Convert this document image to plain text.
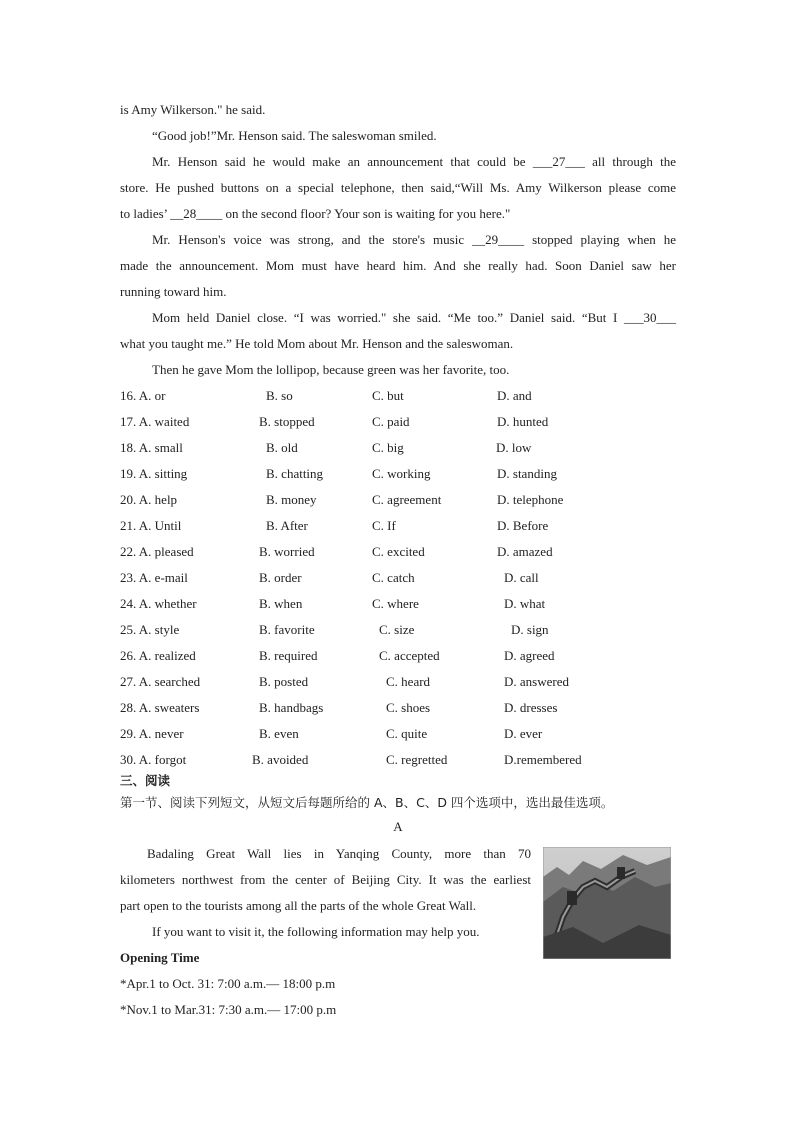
is Amy Wilkerson." he said.
“Good job!”Mr. Henson said. The saleswoman smiled.
Mr. Henson said he would make an announcement that could be ___27___ all through the
store. He pushed buttons on a special telephone, then said,“Will Ms. Amy Wilkerson please come
to ladies’ __28____ on the second floor? Your son is waiting for you here."
Mr. Henson's voice was strong, and the store's music __29____ stopped playing when he
made the announcement. Mom must have heard him. And she really had. Soon Daniel saw her
running toward him.
Mom held Daniel close. “I was worried." she said. “Me too.” Daniel said. “But I ___30___
what you taught me.” He told Mom about Mr. Henson and the saleswoman.
Then he gave Mom the lollipop, because green was her favorite, too.
16. A. or	B. so	C. but	D. and
17. A. waited	B. stopped	C. paid	D. hunted
18. A. small	B. old	C. big	D. low
19. A. sitting	B. chatting	C. working	D. standing
20. A. help	B. money	C. agreement	D. telephone
21. A. Until	B. After	C. If	D. Before
22. A. pleased	B. worried	C. excited	D. amazed
23. A. e-mail	B. order	C. catch	D. call
24. A. whether	B. when	C. where	D. what
25. A. style	B. favorite	C. size	D. sign
26. A. realized	B. required	C. accepted	D. agreed
27. A. searched	B. posted	C. heard	D. answered
28. A. sweaters	B. handbags	C. shoes	D. dresses
29. A. never	B. even	C. quite	D. ever
30. A. forgot	B. avoided	C. regretted	D.remembered
三、阅读
第一节、阅读下列短文，从短文后每题所给的 A、B、C、D 四个选项中，选出最佳选项。
A
Badaling Great Wall lies in Yanqing County, more than 70
kilometers northwest from the center of Beijing City. It was the earliest
part open to the tourists among all the parts of the whole Great Wall.
If you want to visit it, the following information may help you.
Opening Time
*Apr.1 to Oct. 31: 7:00 a.m.— 18:00 p.m
*Nov.1 to Mar.31: 7:30 a.m.— 17:00 p.m
